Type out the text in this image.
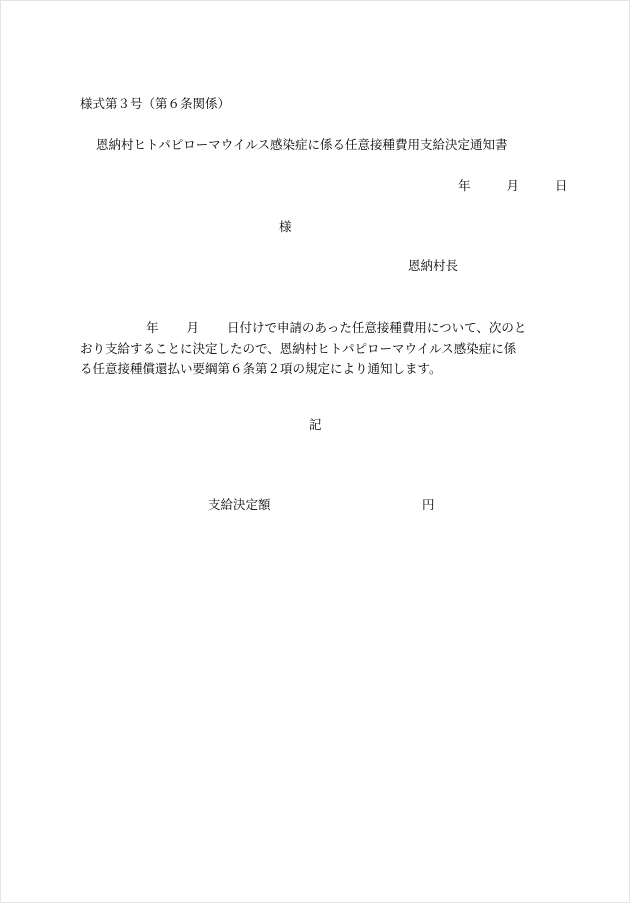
様式第３号（第６条関係）
恩納村ヒトパピローマウイルス感染症に係る任意接種費用支給決定通知書
年	月	日
様
恩納村長
年 月 日付けで申請のあった任意接種費用について、次のと
おり支給することに決定したので、恩納村ヒトパピローマウイルス感染症に係
る任意接種償還払い要綱第６条第２項の規定により通知します。
記
支給決定額	円
